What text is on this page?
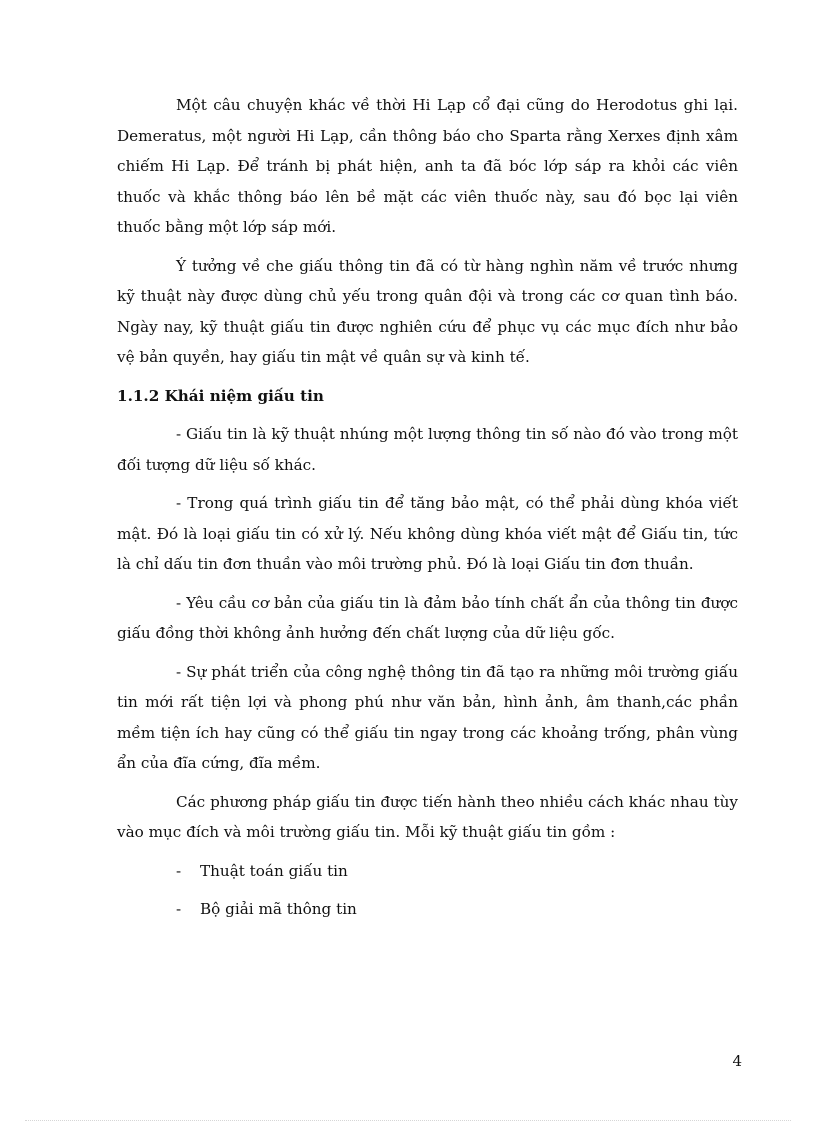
Một câu chuyện khác về thời Hi Lạp cổ đại cũng do Herodotus ghi lại. Demeratus, một người Hi Lạp, cần thông báo cho Sparta rằng Xerxes định xâm chiếm Hi Lạp. Để tránh bị phát hiện, anh ta đã bóc lớp sáp ra khỏi các viên thuốc và khắc thông báo lên bề mặt các viên thuốc này, sau đó bọc lại viên thuốc bằng một lớp sáp mới.

Ý tưởng về che giấu thông tin đã có từ hàng nghìn năm về trước nhưng kỹ thuật này được dùng chủ yếu trong quân đội và trong các cơ quan tình báo. Ngày nay, kỹ thuật giấu tin được nghiên cứu để phục vụ các mục đích như bảo vệ bản quyền, hay giấu tin mật về quân sự và kinh tế.

1.1.2 Khái niệm giấu tin

- Giấu tin là kỹ thuật nhúng một lượng thông tin số nào đó vào trong một đối tượng dữ liệu số khác.

- Trong quá trình giấu tin để tăng bảo mật, có thể phải dùng khóa viết mật. Đó là loại giấu tin có xử lý. Nếu không dùng khóa viết mật để Giấu tin, tức là chỉ dấu tin đơn thuần vào môi trường phủ. Đó là loại Giấu tin đơn thuần.

- Yêu cầu cơ bản của giấu tin là đảm bảo tính chất ẩn của thông tin được giấu đồng thời không ảnh hưởng đến chất lượng của dữ liệu gốc.

- Sự phát triển của công nghệ thông tin đã tạo ra những môi trường giấu tin mới rất tiện lợi và phong phú như văn bản, hình ảnh, âm thanh,các phần mềm tiện ích hay cũng có thể giấu tin ngay trong các khoảng trống, phân vùng ẩn của đĩa cứng, đĩa mềm.

Các phương pháp giấu tin được tiến hành theo nhiều cách khác nhau tùy vào mục đích và môi trường giấu tin. Mỗi kỹ thuật giấu tin gồm :

- Thuật toán giấu tin
- Bộ giải mã thông tin
4
